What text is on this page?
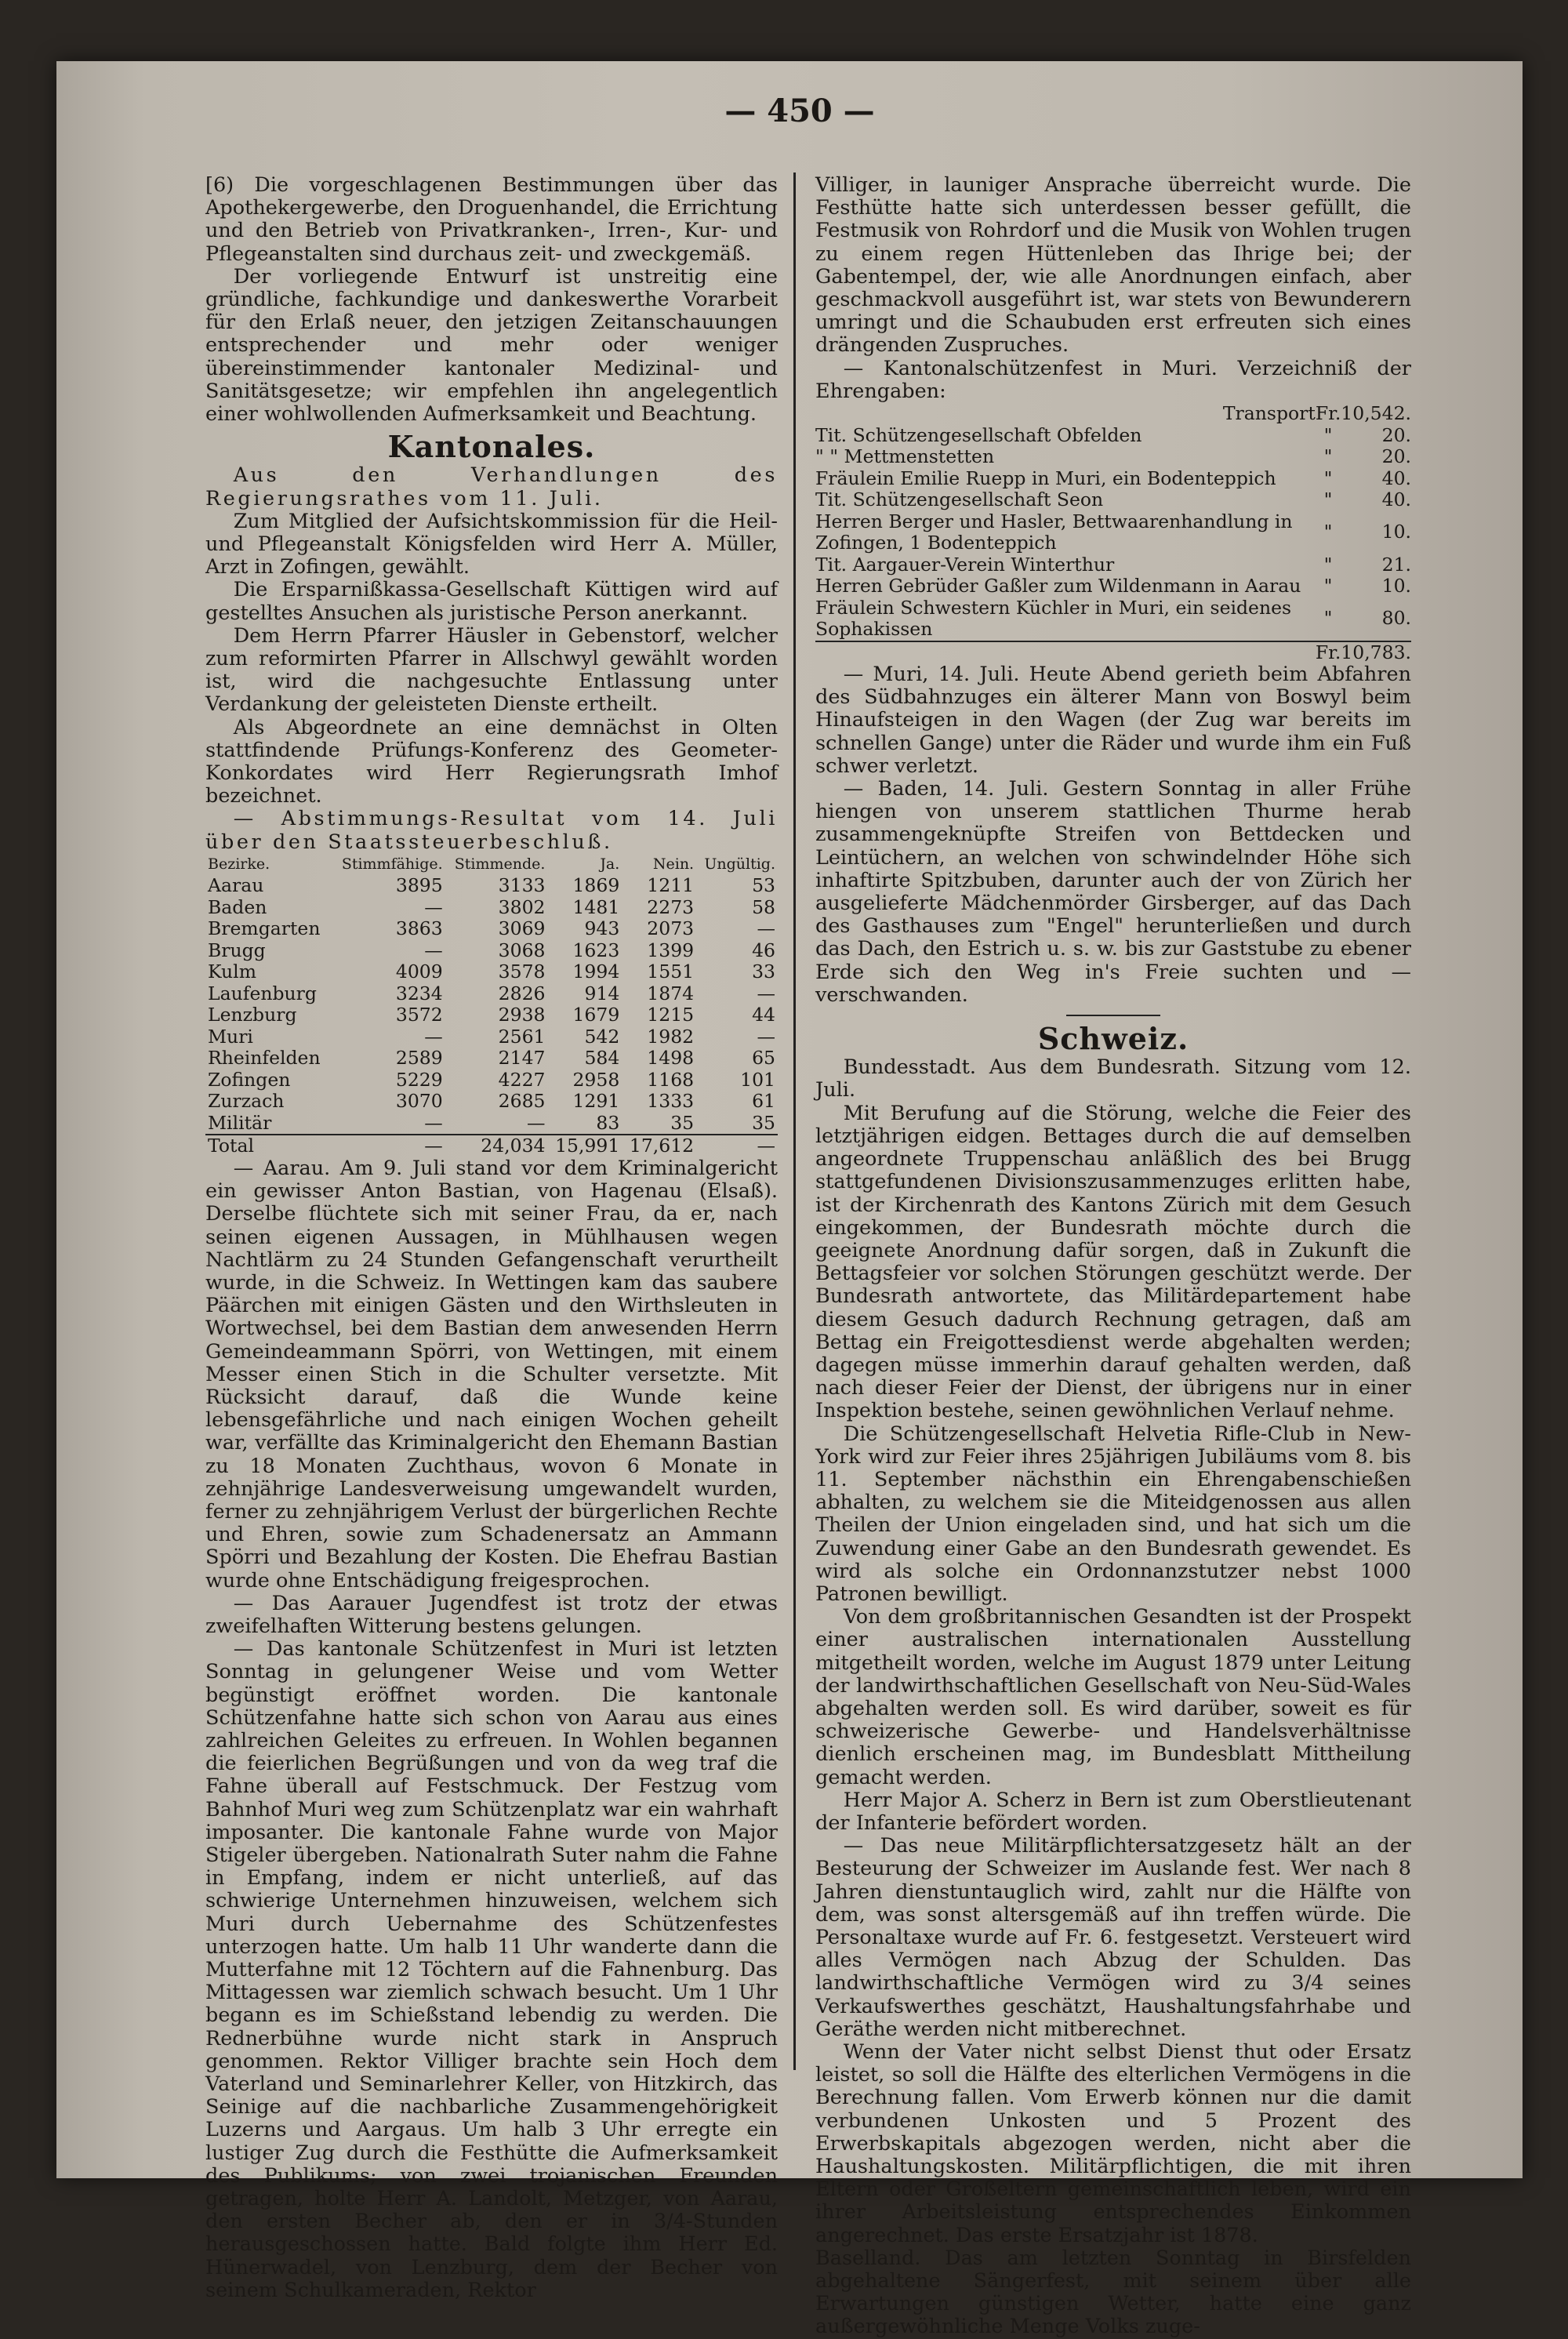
— 450 —

[6) Die vorgeschlagenen Bestimmungen über das Apothekergewerbe, den Droguenhandel, die Errichtung und den Betrieb von Privatkranken-, Irren-, Kur- und Pflegeanstalten sind durchaus zeit- und zweckgemäß.

Der vorliegende Entwurf ist unstreitig eine gründliche, fachkundige und dankeswerthe Vorarbeit für den Erlaß neuer, den jetzigen Zeitanschauungen entsprechender und mehr oder weniger übereinstimmender kantonaler Medizinal- und Sanitätsgesetze; wir empfehlen ihn angelegentlich einer wohlwollenden Aufmerksamkeit und Beachtung.

Kantonales.

Aus den Verhandlungen des Regierungsrathes vom 11. Juli.

Zum Mitglied der Aufsichtskommission für die Heil- und Pflegeanstalt Königsfelden wird Herr A. Müller, Arzt in Zofingen, gewählt.

Die Ersparnißkassa-Gesellschaft Küttigen wird auf gestelltes Ansuchen als juristische Person anerkannt.

Dem Herrn Pfarrer Häusler in Gebenstorf, welcher zum reformirten Pfarrer in Allschwyl gewählt worden ist, wird die nachgesuchte Entlassung unter Verdankung der geleisteten Dienste ertheilt.

Als Abgeordnete an eine demnächst in Olten stattfindende Prüfungs-Konferenz des Geometer-Konkordates wird Herr Regierungsrath Imhof bezeichnet.

— Abstimmungs-Resultat vom 14. Juli über den Staatssteuerbeschluß.

Bezirke.	Stimmfähige.	Stimmende.	Ja.	Nein.	Ungültig.
Aarau	3895	3133	1869	1211	53
Baden	—	3802	1481	2273	58
Bremgarten	3863	3069	943	2073	—
Brugg	—	3068	1623	1399	46
Kulm	4009	3578	1994	1551	33
Laufenburg	3234	2826	914	1874	—
Lenzburg	3572	2938	1679	1215	44
Muri	—	2561	542	1982	—
Rheinfelden	2589	2147	584	1498	65
Zofingen	5229	4227	2958	1168	101
Zurzach	3070	2685	1291	1333	61
Militär	—	—	83	35	35
Total	—	24,034	15,991	17,612	—

— Aarau. Am 9. Juli stand vor dem Kriminalgericht ein gewisser Anton Bastian, von Hagenau (Elsaß). Derselbe flüchtete sich mit seiner Frau, da er, nach seinen eigenen Aussagen, in Mühlhausen wegen Nachtlärm zu 24 Stunden Gefangenschaft verurtheilt wurde, in die Schweiz. In Wettingen kam das saubere Päärchen mit einigen Gästen und den Wirthsleuten in Wortwechsel, bei dem Bastian dem anwesenden Herrn Gemeindeammann Spörri, von Wettingen, mit einem Messer einen Stich in die Schulter versetzte. Mit Rücksicht darauf, daß die Wunde keine lebensgefährliche und nach einigen Wochen geheilt war, verfällte das Kriminalgericht den Ehemann Bastian zu 18 Monaten Zuchthaus, wovon 6 Monate in zehnjährige Landesverweisung umgewandelt wurden, ferner zu zehnjährigem Verlust der bürgerlichen Rechte und Ehren, sowie zum Schadenersatz an Ammann Spörri und Bezahlung der Kosten. Die Ehefrau Bastian wurde ohne Entschädigung freigesprochen.

— Das Aarauer Jugendfest ist trotz der etwas zweifelhaften Witterung bestens gelungen.

— Das kantonale Schützenfest in Muri ist letzten Sonntag in gelungener Weise und vom Wetter begünstigt eröffnet worden. Die kantonale Schützenfahne hatte sich schon von Aarau aus eines zahlreichen Geleites zu erfreuen. In Wohlen begannen die feierlichen Begrüßungen und von da weg traf die Fahne überall auf Festschmuck. Der Festzug vom Bahnhof Muri weg zum Schützenplatz war ein wahrhaft imposanter. Die kantonale Fahne wurde von Major Stigeler übergeben. Nationalrath Suter nahm die Fahne in Empfang, indem er nicht unterließ, auf das schwierige Unternehmen hinzuweisen, welchem sich Muri durch Uebernahme des Schützenfestes unterzogen hatte. Um halb 11 Uhr wanderte dann die Mutterfahne mit 12 Töchtern auf die Fahnenburg. Das Mittagessen war ziemlich schwach besucht. Um 1 Uhr begann es im Schießstand lebendig zu werden. Die Rednerbühne wurde nicht stark in Anspruch genommen. Rektor Villiger brachte sein Hoch dem Vaterland und Seminarlehrer Keller, von Hitzkirch, das Seinige auf die nachbarliche Zusammengehörigkeit Luzerns und Aargaus. Um halb 3 Uhr erregte ein lustiger Zug durch die Festhütte die Aufmerksamkeit des Publikums; von zwei trojanischen Freunden getragen, holte Herr A. Landolt, Metzger, von Aarau, den ersten Becher ab, den er in 3/4-Stunden herausgeschossen hatte. Bald folgte ihm Herr Ed. Hünerwadel, von Lenzburg, dem der Becher von seinem Schulkameraden, Rektor

Villiger, in launiger Ansprache überreicht wurde. Die Festhütte hatte sich unterdessen besser gefüllt, die Festmusik von Rohrdorf und die Musik von Wohlen trugen zu einem regen Hüttenleben das Ihrige bei; der Gabentempel, der, wie alle Anordnungen einfach, aber geschmackvoll ausgeführt ist, war stets von Bewunderern umringt und die Schaubuden erst erfreuten sich eines drängenden Zuspruches.

— Kantonalschützenfest in Muri. Verzeichniß der Ehrengaben:

Transport	Fr.	10,542.
Tit. Schützengesellschaft Obfelden	"	20.
" " Mettmenstetten	"	20.
Fräulein Emilie Ruepp in Muri, ein Bodenteppich	"	40.
Tit. Schützengesellschaft Seon	"	40.
Herren Berger und Hasler, Bettwaarenhandlung in Zofingen, 1 Bodenteppich	"	10.
Tit. Aargauer-Verein Winterthur	"	21.
Herren Gebrüder Gaßler zum Wildenmann in Aarau	"	10.
Fräulein Schwestern Küchler in Muri, ein seidenes Sophakissen	"	80.
	Fr.	10,783.

— Muri, 14. Juli. Heute Abend gerieth beim Abfahren des Südbahnzuges ein älterer Mann von Boswyl beim Hinaufsteigen in den Wagen (der Zug war bereits im schnellen Gange) unter die Räder und wurde ihm ein Fuß schwer verletzt.

— Baden, 14. Juli. Gestern Sonntag in aller Frühe hiengen von unserem stattlichen Thurme herab zusammengeknüpfte Streifen von Bettdecken und Leintüchern, an welchen von schwindelnder Höhe sich inhaftirte Spitzbuben, darunter auch der von Zürich her ausgelieferte Mädchenmörder Girsberger, auf das Dach des Gasthauses zum "Engel" herunterließen und durch das Dach, den Estrich u. s. w. bis zur Gaststube zu ebener Erde sich den Weg in's Freie suchten und — verschwanden.

Schweiz.

Bundesstadt. Aus dem Bundesrath. Sitzung vom 12. Juli.

Mit Berufung auf die Störung, welche die Feier des letztjährigen eidgen. Bettages durch die auf demselben angeordnete Truppenschau anläßlich des bei Brugg stattgefundenen Divisionszusammenzuges erlitten habe, ist der Kirchenrath des Kantons Zürich mit dem Gesuch eingekommen, der Bundesrath möchte durch die geeignete Anordnung dafür sorgen, daß in Zukunft die Bettagsfeier vor solchen Störungen geschützt werde. Der Bundesrath antwortete, das Militärdepartement habe diesem Gesuch dadurch Rechnung getragen, daß am Bettag ein Freigottesdienst werde abgehalten werden; dagegen müsse immerhin darauf gehalten werden, daß nach dieser Feier der Dienst, der übrigens nur in einer Inspektion bestehe, seinen gewöhnlichen Verlauf nehme.

Die Schützengesellschaft Helvetia Rifle-Club in New-York wird zur Feier ihres 25jährigen Jubiläums vom 8. bis 11. September nächsthin ein Ehrengabenschießen abhalten, zu welchem sie die Miteidgenossen aus allen Theilen der Union eingeladen sind, und hat sich um die Zuwendung einer Gabe an den Bundesrath gewendet. Es wird als solche ein Ordonnanzstutzer nebst 1000 Patronen bewilligt.

Von dem großbritannischen Gesandten ist der Prospekt einer australischen internationalen Ausstellung mitgetheilt worden, welche im August 1879 unter Leitung der landwirthschaftlichen Gesellschaft von Neu-Süd-Wales abgehalten werden soll. Es wird darüber, soweit es für schweizerische Gewerbe- und Handelsverhältnisse dienlich erscheinen mag, im Bundesblatt Mittheilung gemacht werden.

Herr Major A. Scherz in Bern ist zum Oberstlieutenant der Infanterie befördert worden.

— Das neue Militärpflichtersatzgesetz hält an der Besteurung der Schweizer im Auslande fest. Wer nach 8 Jahren dienstuntauglich wird, zahlt nur die Hälfte von dem, was sonst altersgemäß auf ihn treffen würde. Die Personaltaxe wurde auf Fr. 6. festgesetzt. Versteuert wird alles Vermögen nach Abzug der Schulden. Das landwirthschaftliche Vermögen wird zu 3/4 seines Verkaufswerthes geschätzt, Haushaltungsfahrhabe und Geräthe werden nicht mitberechnet.

Wenn der Vater nicht selbst Dienst thut oder Ersatz leistet, so soll die Hälfte des elterlichen Vermögens in die Berechnung fallen. Vom Erwerb können nur die damit verbundenen Unkosten und 5 Prozent des Erwerbskapitals abgezogen werden, nicht aber die Haushaltungskosten. Militärpflichtigen, die mit ihren Eltern oder Großeltern gemeinschaftlich leben, wird ein ihrer Arbeitsleistung entsprechendes Einkommen angerechnet. Das erste Ersatzjahr ist 1878.

Baselland. Das am letzten Sonntag in Birsfelden abgehaltene Sängerfest, mit seinem über alle Erwartungen günstigen Wetter, hatte eine ganz außergewöhnliche Menge Volks zuge-
